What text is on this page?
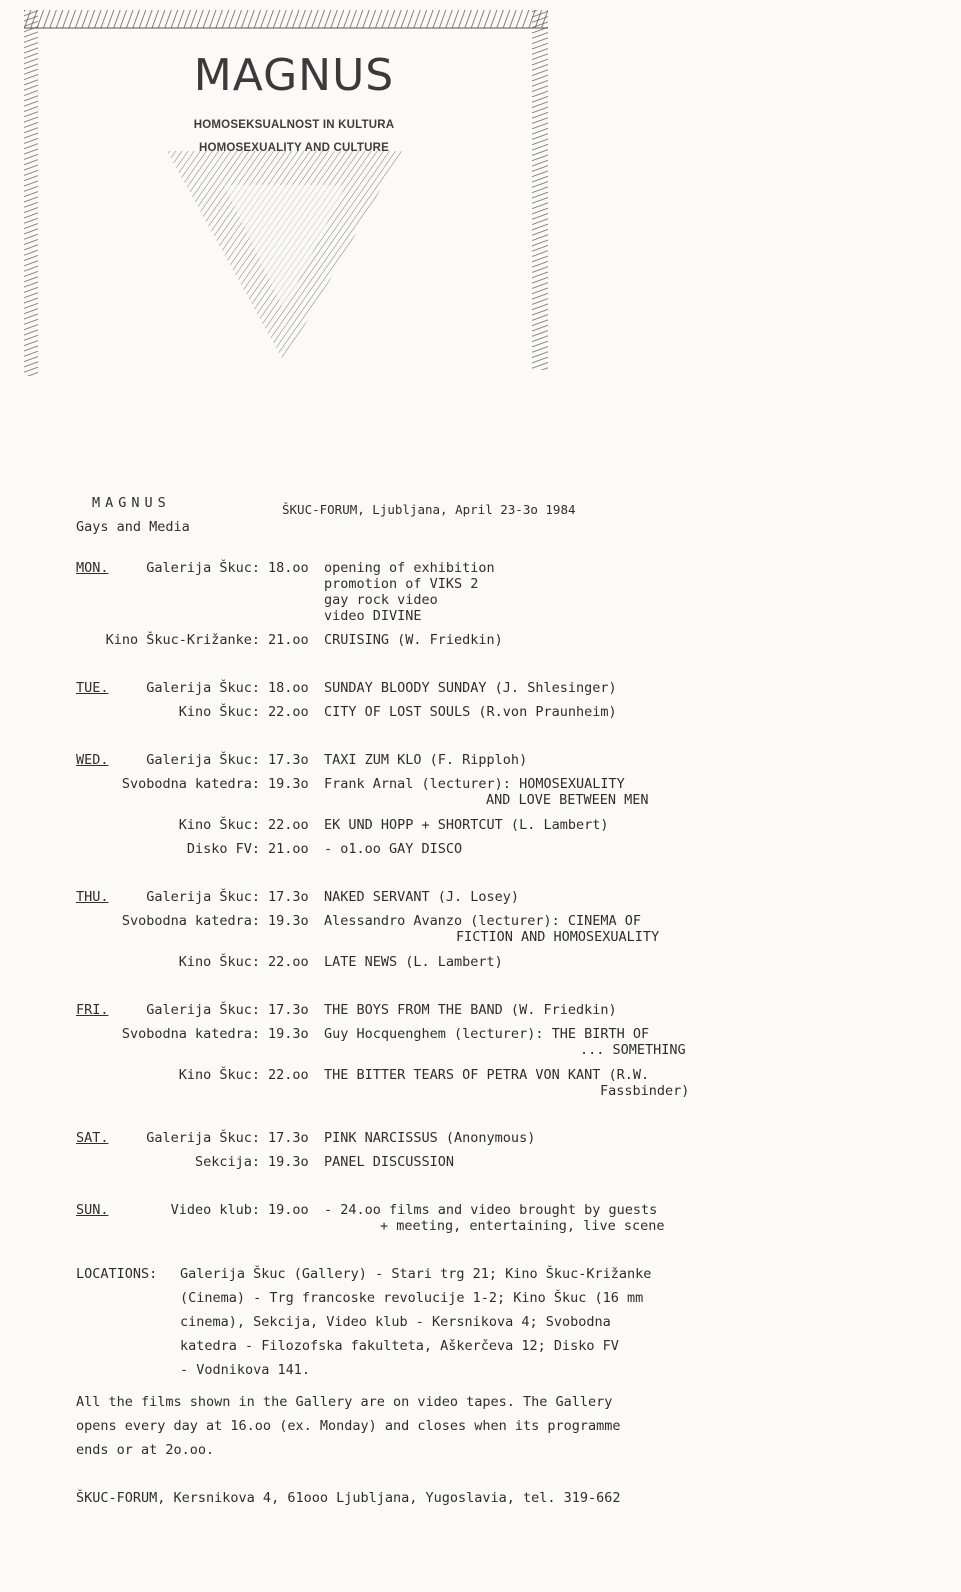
MAGNUS
HOMOSEKSUALNOST IN KULTURA
HOMOSEXUALITY AND CULTURE
MAGNUS
Gays and Media
ŠKUC-FORUM, Ljubljana, April 23-3o 1984
MON.	Galerija Škuc: 18.oo opening of exhibition
promotion of VIKS 2
gay rock video
video DIVINE
Kino Škuc-Križanke: 21.oo CRUISING (W. Friedkin)
TUE.	Galerija Škuc: 18.oo SUNDAY BLOODY SUNDAY (J. Shlesinger)
Kino Škuc: 22.oo CITY OF LOST SOULS (R.von Praunheim)
WED.	Galerija Škuc: 17.3o TAXI ZUM KLO (F. Ripploh)
Svobodna katedra: 19.3o Frank Arnal (lecturer): HOMOSEXUALITY
AND LOVE BETWEEN MEN
Kino Škuc: 22.oo EK UND HOPP + SHORTCUT (L. Lambert)
Disko FV: 21.oo - o1.oo GAY DISCO
THU.	Galerija Škuc: 17.3o NAKED SERVANT (J. Losey)
Svobodna katedra: 19.3o Alessandro Avanzo (lecturer): CINEMA OF
FICTION AND HOMOSEXUALITY
Kino Škuc: 22.oo LATE NEWS (L. Lambert)
FRI.	Galerija Škuc: 17.3o THE BOYS FROM THE BAND (W. Friedkin)
Svobodna katedra: 19.3o Guy Hocquenghem (lecturer): THE BIRTH OF
... SOMETHING
Kino Škuc: 22.oo THE BITTER TEARS OF PETRA VON KANT (R.W.
Fassbinder)
SAT.	Galerija Škuc: 17.3o PINK NARCISSUS (Anonymous)
Sekcija: 19.3o PANEL DISCUSSION
SUN.	Video klub: 19.oo - 24.oo films and video brought by guests
+ meeting, entertaining, live scene
LOCATIONS: Galerija Škuc (Gallery) - Stari trg 21; Kino Škuc-Križanke
(Cinema) - Trg francoske revolucije 1-2; Kino Škuc (16 mm
cinema), Sekcija, Video klub - Kersnikova 4; Svobodna
katedra - Filozofska fakulteta, Aškerčeva 12; Disko FV
- Vodnikova 141.
All the films shown in the Gallery are on video tapes. The Gallery
opens every day at 16.oo (ex. Monday) and closes when its programme
ends or at 2o.oo.
ŠKUC-FORUM, Kersnikova 4, 61ooo Ljubljana, Yugoslavia, tel. 319-662
